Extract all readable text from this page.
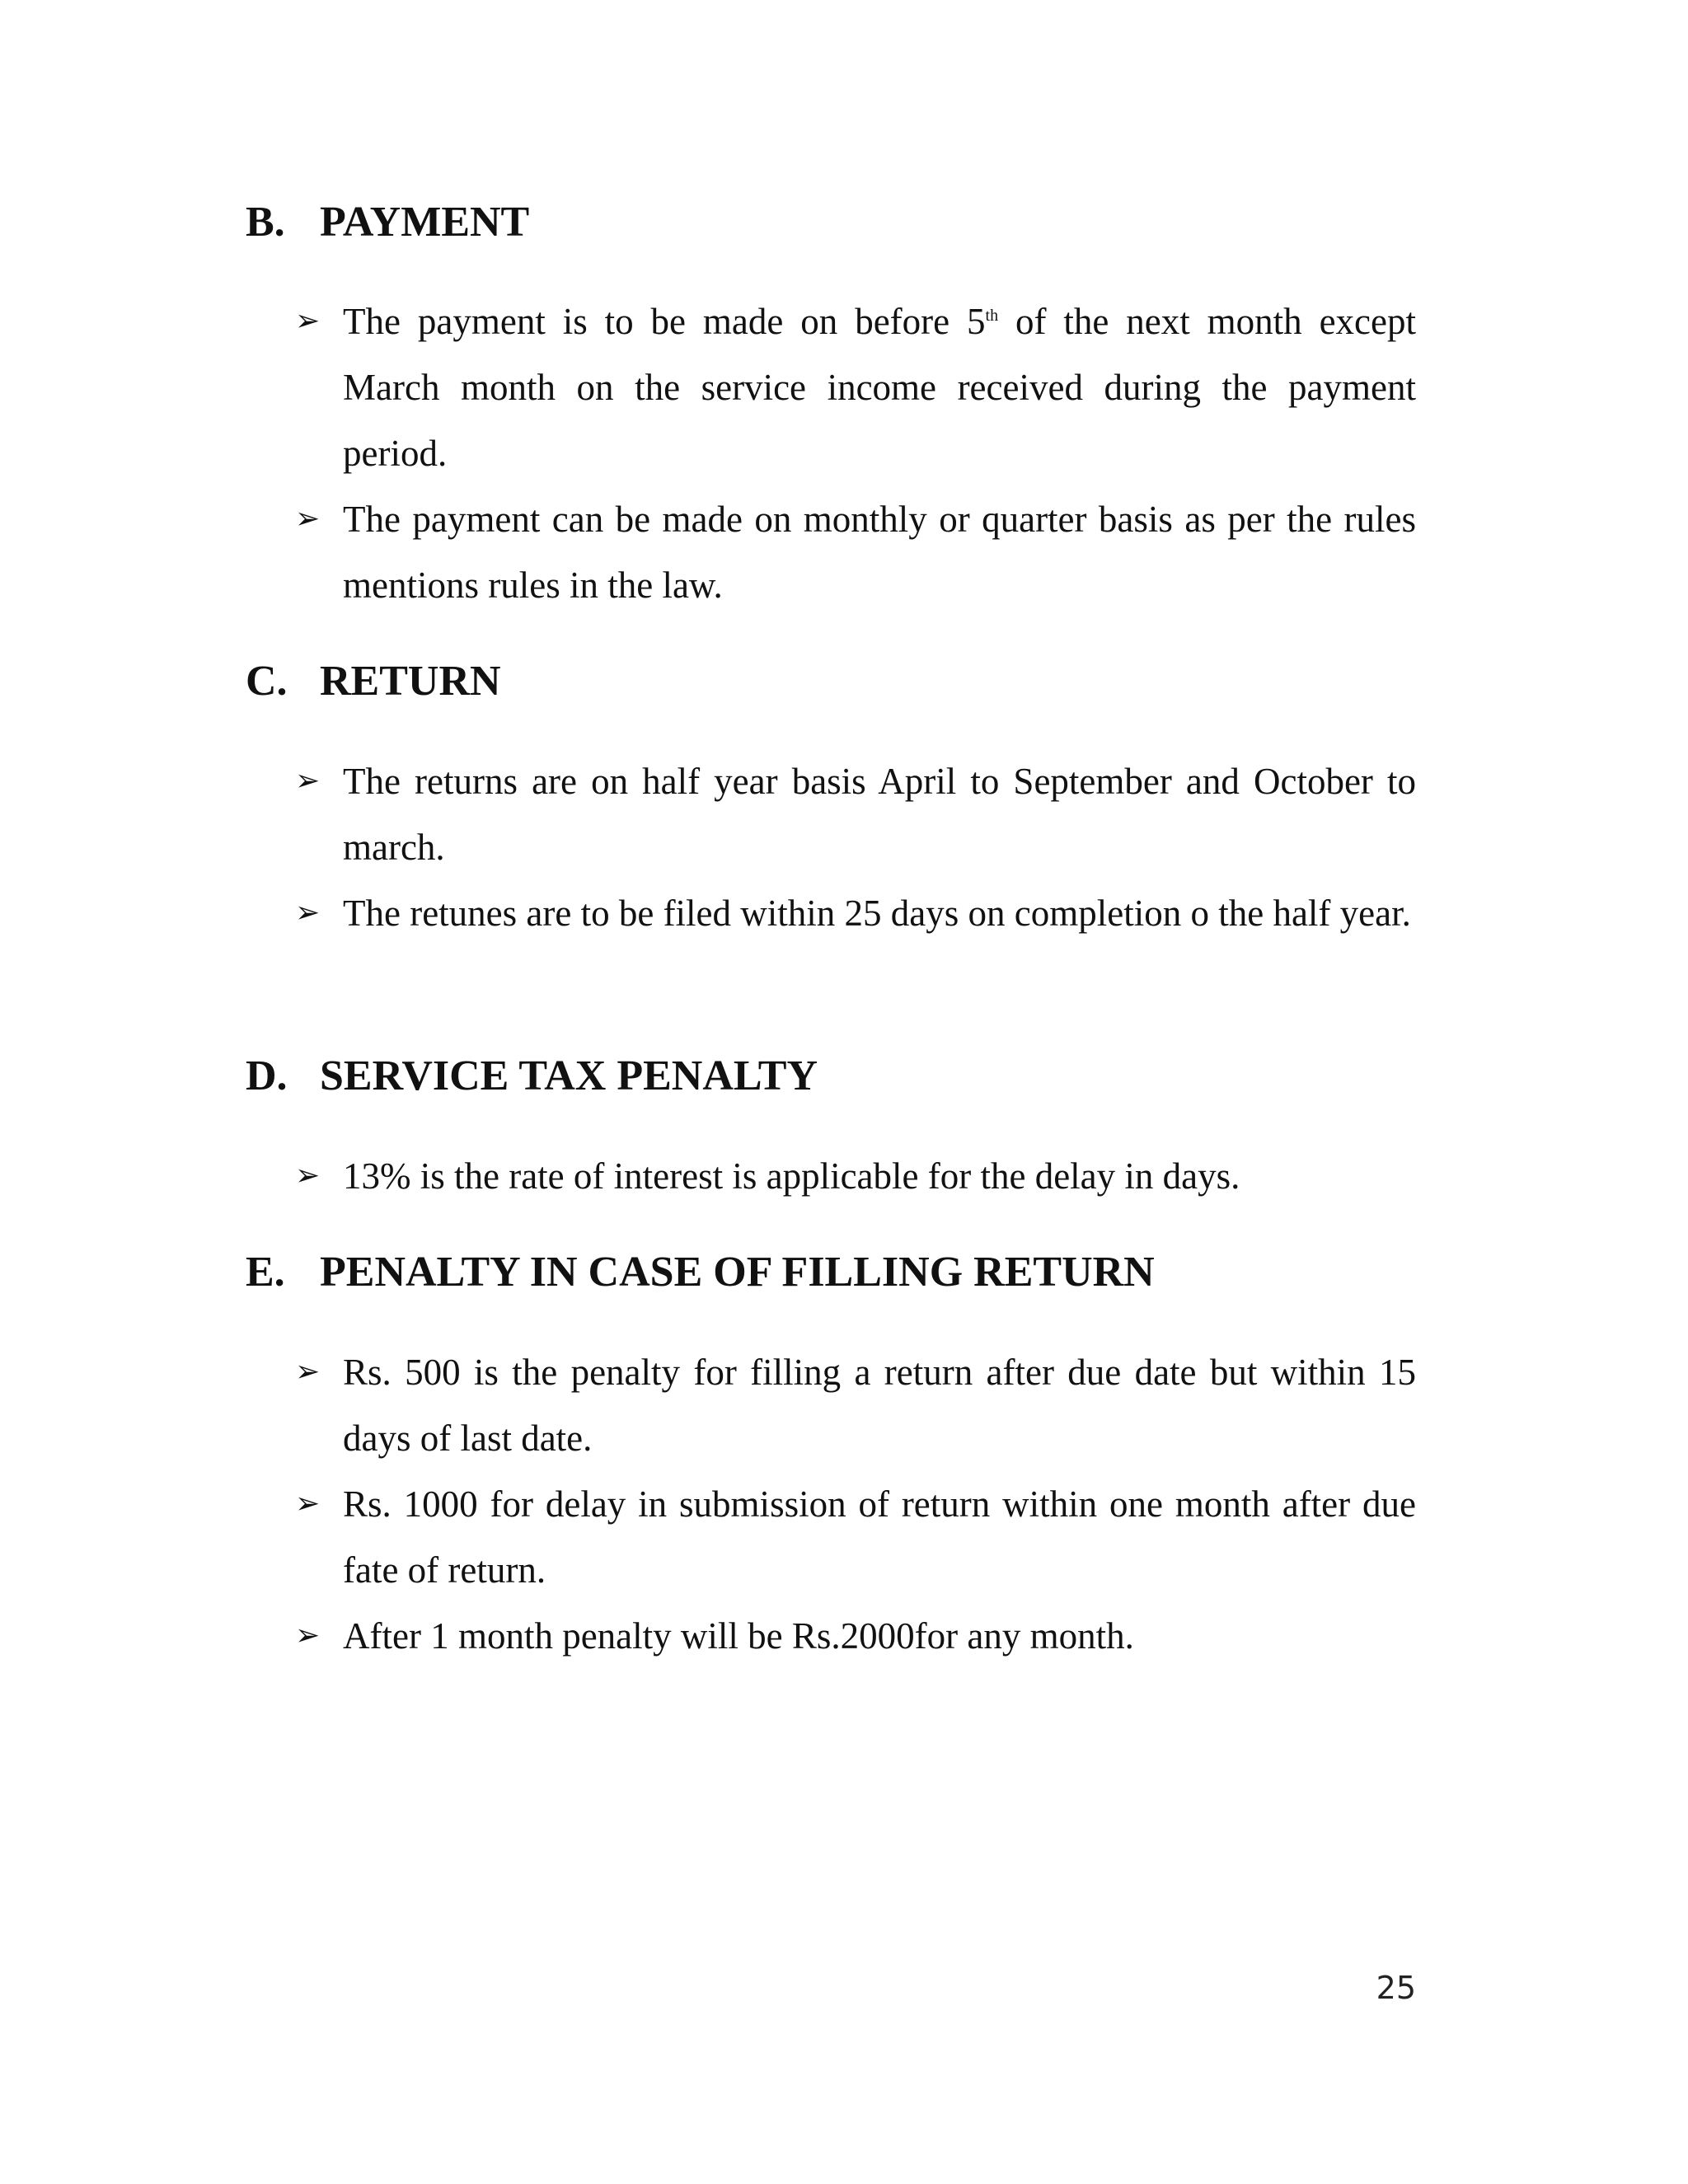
B. PAYMENT
➢ The payment is to be made on before 5th of the next month except March month on the service income received during the payment period.
➢ The payment can be made on monthly or quarter basis as per the rules mentions rules in the law.
C. RETURN
➢ The returns are on half year basis April to September and October to march.
➢ The retunes are to be filed within 25 days on completion o the half year.
D. SERVICE TAX PENALTY
➢ 13% is the rate of interest is applicable for the delay in days.
E. PENALTY IN CASE OF FILLING RETURN
➢ Rs. 500 is the penalty for filling a return after due date but within 15 days of last date.
➢ Rs. 1000 for delay in submission of return within one month after due fate of return.
➢ After 1 month penalty will be Rs.2000for any month.
25
